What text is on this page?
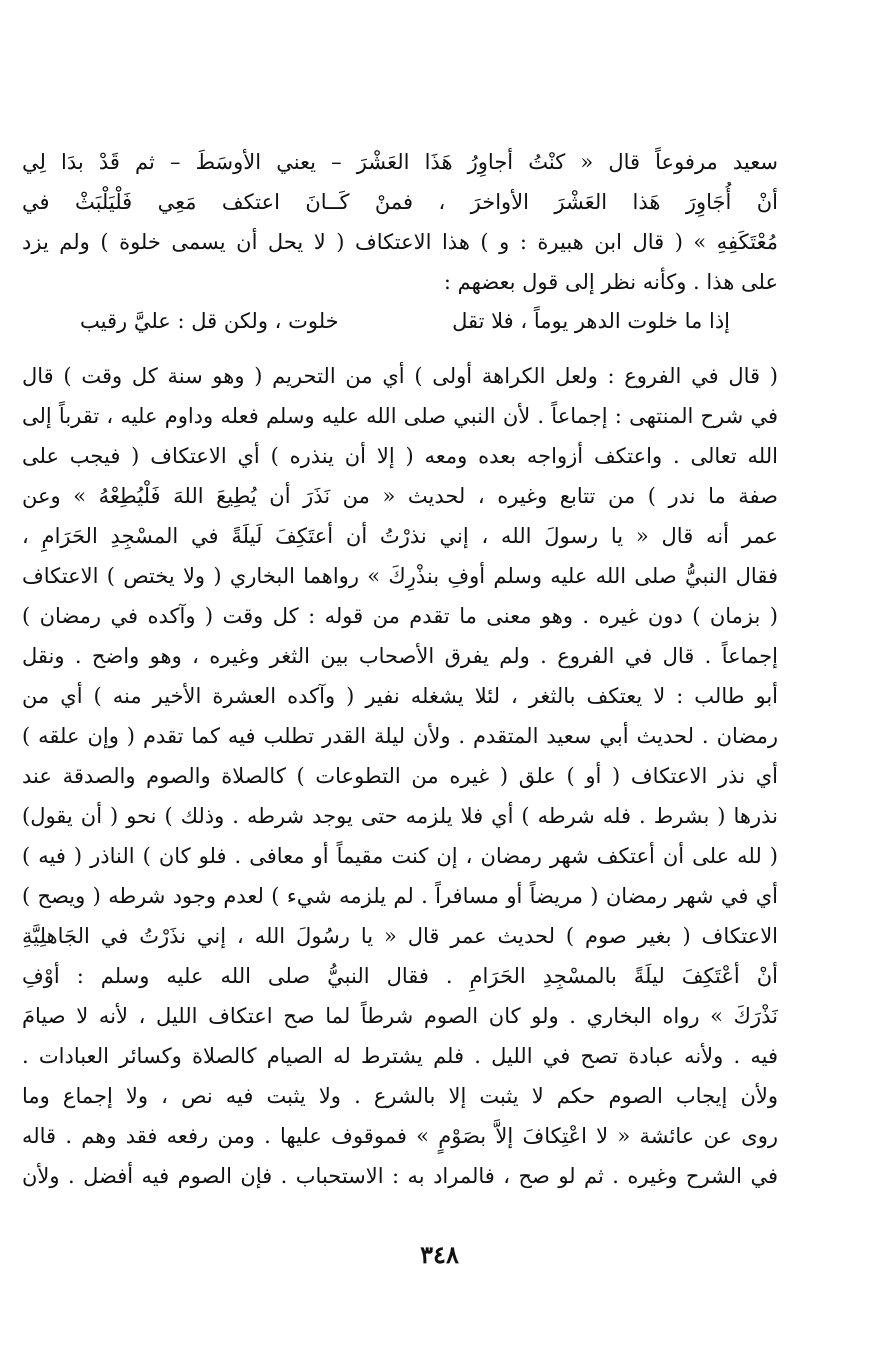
سعيد مرفوعاً قال « كنْتُ أجاوِرُ هَذَا العَشْرَ – يعني الأوسَطَ – ثم قَدْ بدَا لِي
أنْ أُجَاوِرَ هَذا العَشْرَ الأواخرَ ، فمنْ كَــانَ اعتكف مَعِي فَلْيَلْبَثْ في
مُعْتَكَفِهِ » ( قال ابن هبيرة : و ) هذا الاعتكاف ( لا يحل أن يسمى خلوة ) ولم يزد
على هذا . وكأنه نظر إلى قول بعضهم :
إذا ما خلوت الدهر يوماً ، فلا تقل
خلوت ، ولكن قل : عليَّ رقيب
( قال في الفروع : ولعل الكراهة أولى ) أي من التحريم ( وهو سنة كل وقت ) قال
في شرح المنتهى : إجماعاً . لأن النبي صلى الله عليه وسلم فعله وداوم عليه ، تقرباً إلى
الله تعالى . واعتكف أزواجه بعده ومعه ( إلا أن ينذره ) أي الاعتكاف ( فيجب على
صفة ما ندر ) من تتابع وغيره ، لحديث « من نَذَرَ أن يُطِيعَ اللهَ فَلْيُطِعْهُ » وعن
عمر أنه قال « يا رسولَ الله ، إني نذرْتُ أن أعتَكِفَ لَيلَةً في المسْجِدِ الحَرَامِ ،
فقال النبيُّ صلى الله عليه وسلم أوفِ بنذْرِكَ » رواهما البخاري ( ولا يختص ) الاعتكاف
( بزمان ) دون غيره . وهو معنى ما تقدم من قوله : كل وقت ( وآكده في رمضان )
إجماعاً . قال في الفروع . ولم يفرق الأصحاب بين الثغر وغيره ، وهو واضح . ونقل
أبو طالب : لا يعتكف بالثغر ، لئلا يشغله نفير ( وآكده العشرة الأخير منه ) أي من
رمضان . لحديث أبي سعيد المتقدم . ولأن ليلة القدر تطلب فيه كما تقدم ( وإن علقه )
أي نذر الاعتكاف ( أو ) علق ( غيره من التطوعات ) كالصلاة والصوم والصدقة عند
نذرها ( بشرط . فله شرطه ) أي فلا يلزمه حتى يوجد شرطه . وذلك ) نحو ( أن يقول)
( لله على أن أعتكف شهر رمضان ، إن كنت مقيماً أو معافى . فلو كان ) الناذر ( فيه )
أي في شهر رمضان ( مريضاً أو مسافراً . لم يلزمه شيء ) لعدم وجود شرطه ( ويصح )
الاعتكاف ( بغير صوم ) لحديث عمر قال « يا رسُولَ الله ، إني نذَرْتُ في الجَاهلِيَّةِ
أنْ أعْتَكِفَ ليلَةً بالمسْجِدِ الحَرَامِ . فقال النبيُّ صلى الله عليه وسلم : أوْفِ
نَذْرَكَ » رواه البخاري . ولو كان الصوم شرطاً لما صح اعتكاف الليل ، لأنه لا صيامَ
فيه . ولأنه عبادة تصح في الليل . فلم يشترط له الصيام كالصلاة وكسائر العبادات .
ولأن إيجاب الصوم حكم لا يثبت إلا بالشرع . ولا يثبت فيه نص ، ولا إجماع وما
روى عن عائشة « لا اعْتِكافَ إلاَّ بصَوْمٍ » فموقوف عليها . ومن رفعه فقد وهم . قاله
في الشرح وغيره . ثم لو صح ، فالمراد به : الاستحباب . فإن الصوم فيه أفضل . ولأن
٣٤٨
